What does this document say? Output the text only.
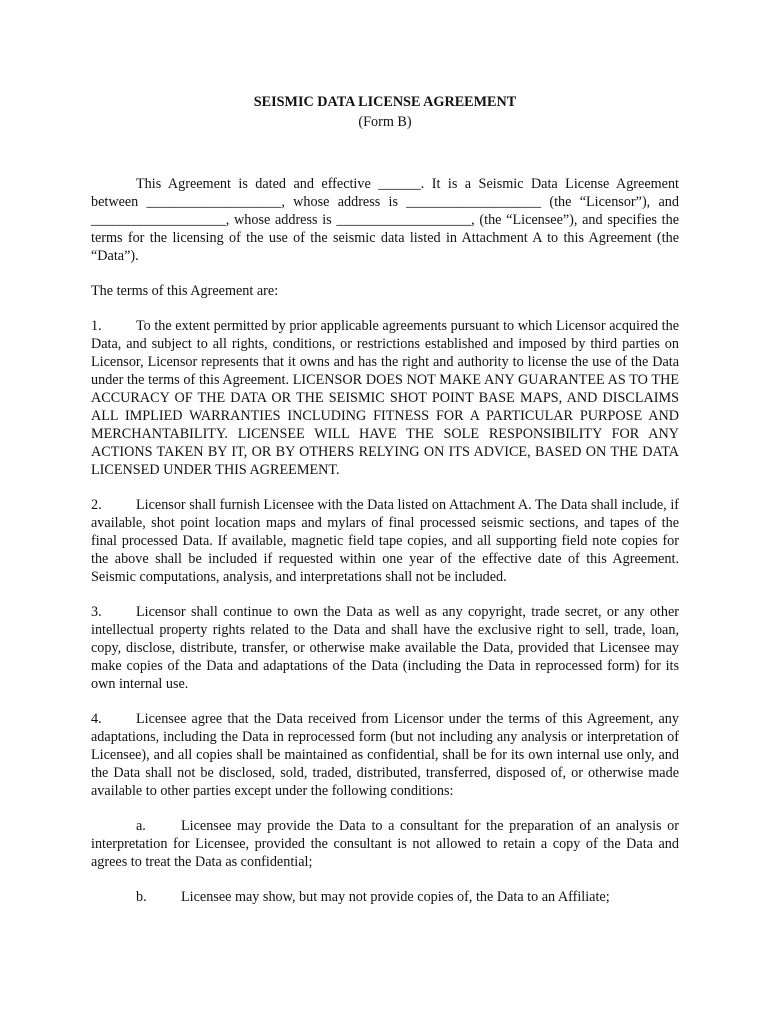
SEISMIC DATA LICENSE AGREEMENT
(Form B)

This Agreement is dated and effective ______. It is a Seismic Data License Agreement between ___________________, whose address is ___________________ (the “Licensor”), and ___________________, whose address is ___________________, (the “Licensee”), and specifies the terms for the licensing of the use of the seismic data listed in Attachment A to this Agreement (the “Data”).

The terms of this Agreement are:

1. To the extent permitted by prior applicable agreements pursuant to which Licensor acquired the Data, and subject to all rights, conditions, or restrictions established and imposed by third parties on Licensor, Licensor represents that it owns and has the right and authority to license the use of the Data under the terms of this Agreement. LICENSOR DOES NOT MAKE ANY GUARANTEE AS TO THE ACCURACY OF THE DATA OR THE SEISMIC SHOT POINT BASE MAPS, AND DISCLAIMS ALL IMPLIED WARRANTIES INCLUDING FITNESS FOR A PARTICULAR PURPOSE AND MERCHANTABILITY. LICENSEE WILL HAVE THE SOLE RESPONSIBILITY FOR ANY ACTIONS TAKEN BY IT, OR BY OTHERS RELYING ON ITS ADVICE, BASED ON THE DATA LICENSED UNDER THIS AGREEMENT.

2. Licensor shall furnish Licensee with the Data listed on Attachment A. The Data shall include, if available, shot point location maps and mylars of final processed seismic sections, and tapes of the final processed Data. If available, magnetic field tape copies, and all supporting field note copies for the above shall be included if requested within one year of the effective date of this Agreement. Seismic computations, analysis, and interpretations shall not be included.

3. Licensor shall continue to own the Data as well as any copyright, trade secret, or any other intellectual property rights related to the Data and shall have the exclusive right to sell, trade, loan, copy, disclose, distribute, transfer, or otherwise make available the Data, provided that Licensee may make copies of the Data and adaptations of the Data (including the Data in reprocessed form) for its own internal use.

4. Licensee agree that the Data received from Licensor under the terms of this Agreement, any adaptations, including the Data in reprocessed form (but not including any analysis or interpretation of Licensee), and all copies shall be maintained as confidential, shall be for its own internal use only, and the Data shall not be disclosed, sold, traded, distributed, transferred, disposed of, or otherwise made available to other parties except under the following conditions:

a. Licensee may provide the Data to a consultant for the preparation of an analysis or interpretation for Licensee, provided the consultant is not allowed to retain a copy of the Data and agrees to treat the Data as confidential;

b. Licensee may show, but may not provide copies of, the Data to an Affiliate;
